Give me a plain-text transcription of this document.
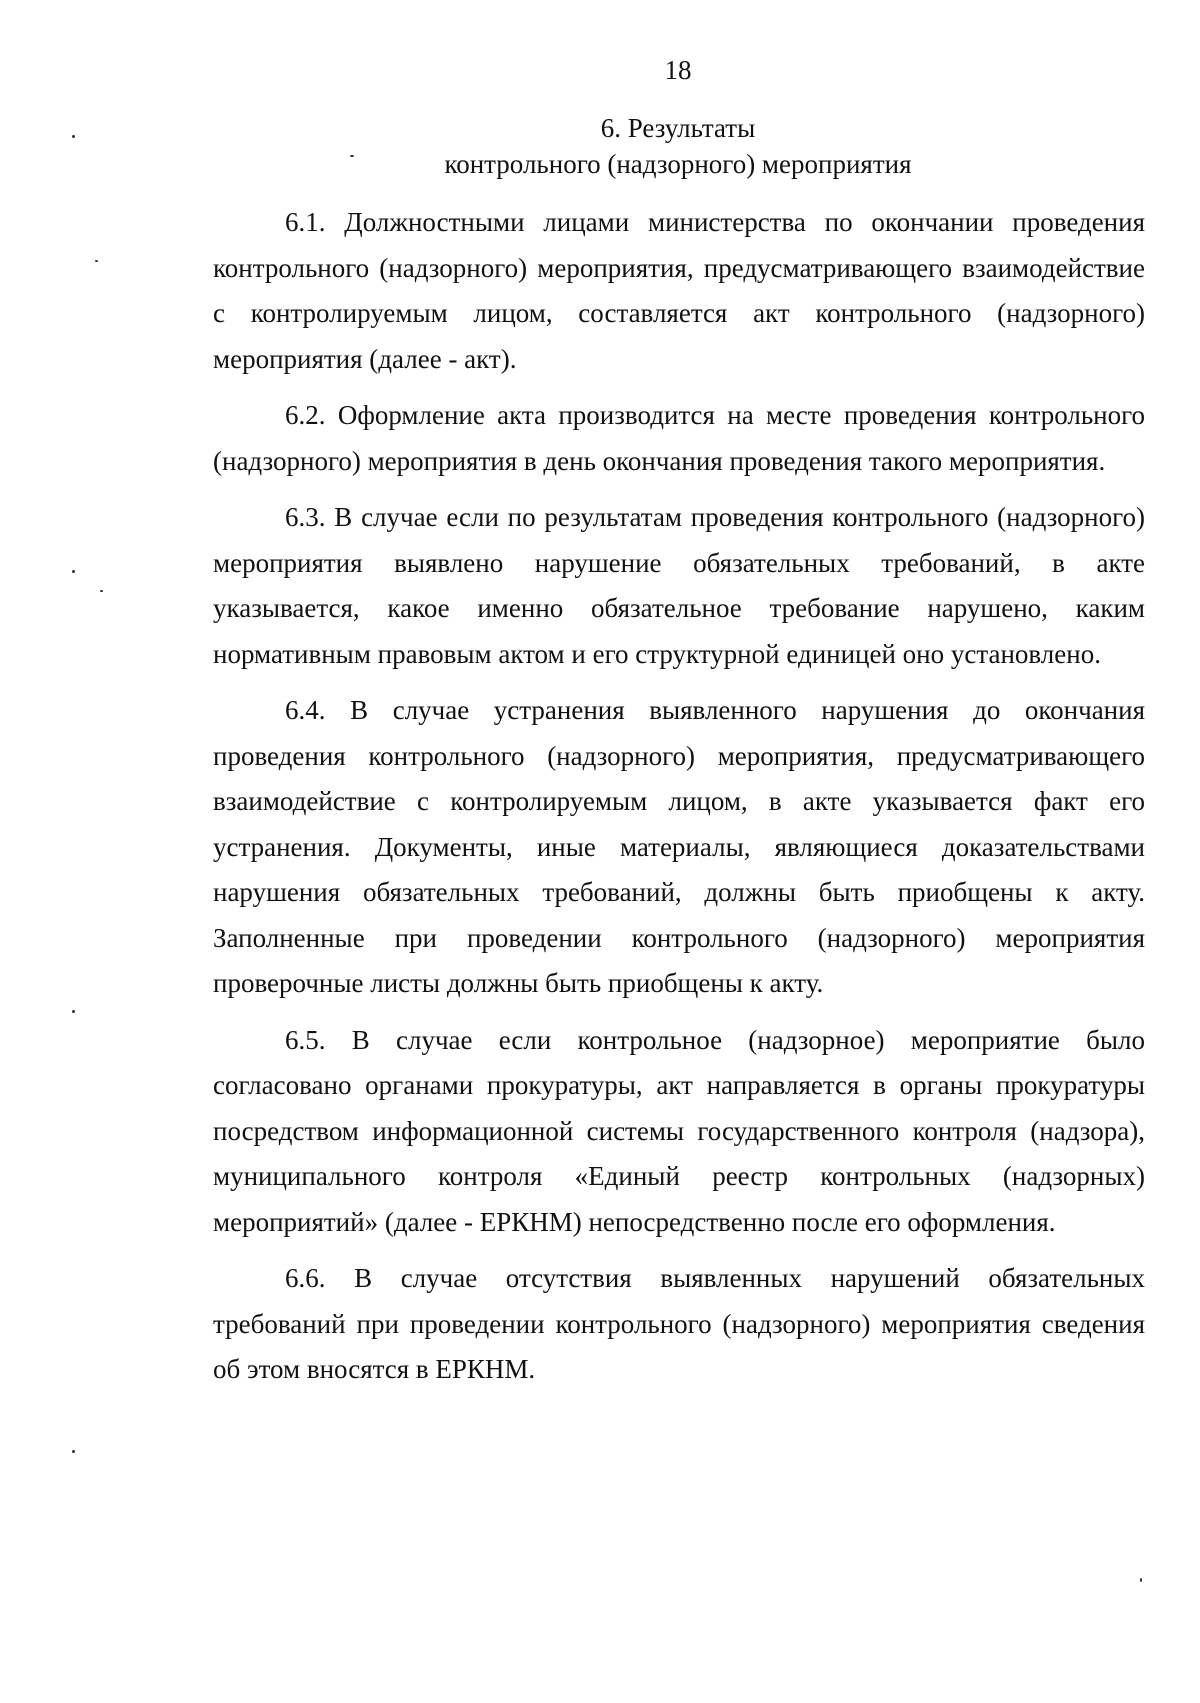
18
6. Результаты
контрольного (надзорного) мероприятия

6.1. Должностными лицами министерства по окончании проведения контрольного (надзорного) мероприятия, предусматривающего взаимодействие с контролируемым лицом, составляется акт контрольного (надзорного) мероприятия (далее - акт).

6.2. Оформление акта производится на месте проведения контрольного (надзорного) мероприятия в день окончания проведения такого мероприятия.

6.3. В случае если по результатам проведения контрольного (надзорного) мероприятия выявлено нарушение обязательных требований, в акте указывается, какое именно обязательное требование нарушено, каким нормативным правовым актом и его структурной единицей оно установлено.

6.4. В случае устранения выявленного нарушения до окончания проведения контрольного (надзорного) мероприятия, предусматривающего взаимодействие с контролируемым лицом, в акте указывается факт его устранения. Документы, иные материалы, являющиеся доказательствами нарушения обязательных требований, должны быть приобщены к акту. Заполненные при проведении контрольного (надзорного) мероприятия проверочные листы должны быть приобщены к акту.

6.5. В случае если контрольное (надзорное) мероприятие было согласовано органами прокуратуры, акт направляется в органы прокуратуры посредством информационной системы государственного контроля (надзора), муниципального контроля «Единый реестр контрольных (надзорных) мероприятий» (далее - ЕРКНМ) непосредственно после его оформления.

6.6. В случае отсутствия выявленных нарушений обязательных требований при проведении контрольного (надзорного) мероприятия сведения об этом вносятся в ЕРКНМ.
